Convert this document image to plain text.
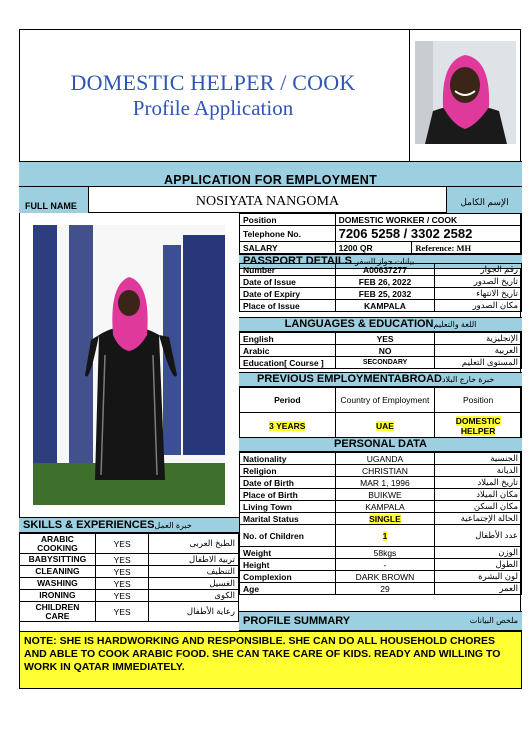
DOMESTIC HELPER / COOK
Profile Application
APPLICATION FOR EMPLOYMENT
FULL NAME	NOSIYATA NANGOMA	الإسم الكامل
Position	DOMESTIC WORKER / COOK
Telephone No.	7206 5258 / 3302 2582
SALARY	1200 QR	Reference: MH
PASSPORT DETAILS بيانات جواز السفر
Number	A00637277	رقم الجواز
Date of Issue	FEB 26, 2022	تاريخ الصدور
Date of Expiry	FEB 25, 2032	تاريخ الانتهاء
Place of Issue	KAMPALA	مكان الصدور
LANGUAGES & EDUCATIONاللغة والتعليم
English	YES	الإنجليزية
Arabic	NO	العربية
Education[ Course ]	SECONDARY	المستوى التعليم
PREVIOUS EMPLOYMENTABROADخبرة خارج البلاد
Period	Country of Employment	Position
3 YEARS	UAE	DOMESTIC HELPER
PERSONAL DATA
Nationality	UGANDA	الجنسية
Religion	CHRISTIAN	الديانة
Date of Birth	MAR 1, 1996	تاريخ الميلاد
Place of Birth	BUIKWE	مكان الميلاد
Living Town	KAMPALA	مكان السكن
Marital Status	SINGLE	الحالة الإجتماعية
No. of Children	1	عدد الأطفال
Weight	58kgs	الوزن
Height	-	الطول
Complexion	DARK BROWN	لون البشرة
Age	29	العمر
SKILLS & EXPERIENCESخبرة العمل
ARABIC COOKING	YES	الطبخ العربى
BABYSITTING	YES	تربية الاطفال
CLEANING	YES	التنظيف
WASHING	YES	الغسيل
IRONING	YES	الكوى
CHILDREN CARE	YES	رعاية الأطفال
PROFILE SUMMARY	ملخص البيانات
NOTE: SHE IS HARDWORKING AND RESPONSIBLE. SHE CAN DO ALL HOUSEHOLD CHORES AND ABLE TO COOK ARABIC FOOD. SHE CAN TAKE CARE OF KIDS. READY AND WILLING TO WORK IN QATAR IMMEDIATELY.
